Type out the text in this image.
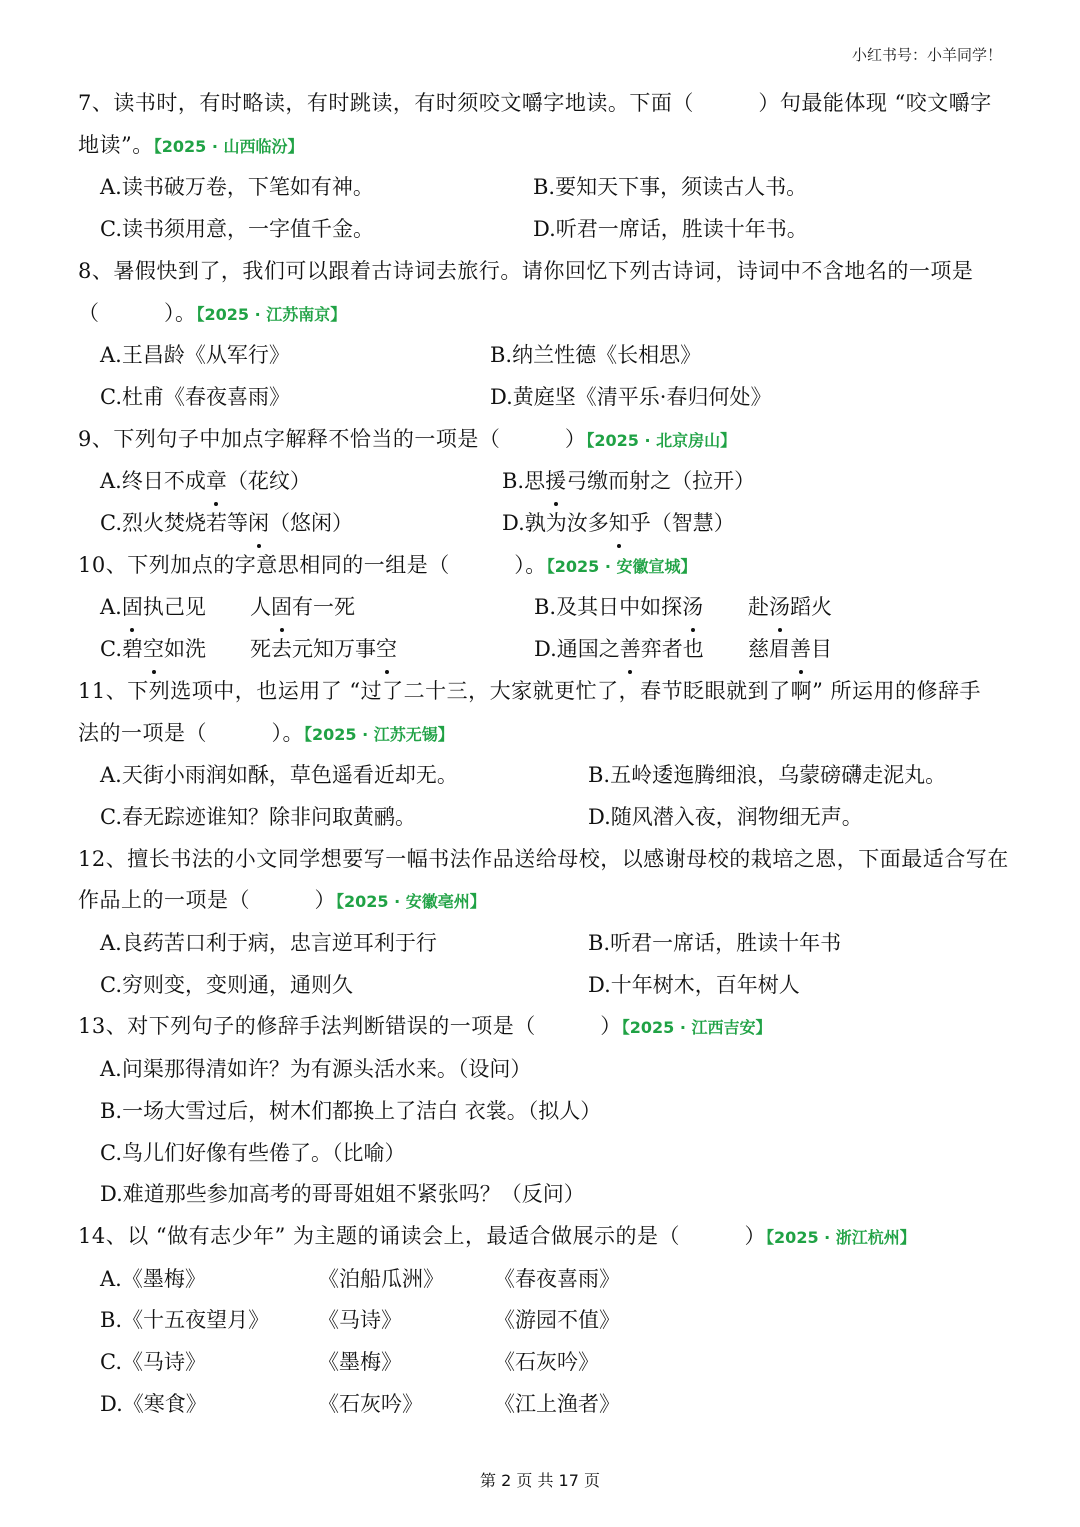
小红书号：小羊同学！
7、读书时，有时略读，有时跳读，有时须咬文嚼字地读。下面（　　　）句最能体现 “咬文嚼字
地读”。【2025 · 山西临汾】
A.读书破万卷，下笔如有神。	B.要知天下事，须读古人书。
C.读书须用意，一字值千金。	D.听君一席话，胜读十年书。
8、暑假快到了，我们可以跟着古诗词去旅行。请你回忆下列古诗词，诗词中不含地名的一项是
（　　　）。【2025 · 江苏南京】
A.王昌龄《从军行》	B.纳兰性德《长相思》
C.杜甫《春夜喜雨》	D.黄庭坚《清平乐·春归何处》
9、下列句子中加点字解释不恰当的一项是（　　　）【2025 · 北京房山】
A.终日不成章（花纹）	B.思援弓缴而射之（拉开）
C.烈火焚烧若等闲（悠闲）	D.孰为汝多知乎（智慧）
10、下列加点的字意思相同的一组是（　　　）。【2025 · 安徽宣城】
A.固执己见	人固有一死	B.及其日中如探汤	赴汤蹈火
C.碧空如洗	死去元知万事空	D.通国之善弈者也	慈眉善目
11、下列选项中，也运用了 “过了二十三，大家就更忙了，春节眨眼就到了啊” 所运用的修辞手
法的一项是（　　　）。【2025 · 江苏无锡】
A.天街小雨润如酥，草色遥看近却无。	B.五岭逶迤腾细浪，乌蒙磅礴走泥丸。
C.春无踪迹谁知？除非问取黄鹂。	D.随风潜入夜，润物细无声。
12、擅长书法的小文同学想要写一幅书法作品送给母校，以感谢母校的栽培之恩，下面最适合写在
作品上的一项是（　　　）【2025 · 安徽亳州】
A.良药苦口利于病，忠言逆耳利于行	B.听君一席话，胜读十年书
C.穷则变，变则通，通则久	D.十年树木，百年树人
13、对下列句子的修辞手法判断错误的一项是（　　　）【2025 · 江西吉安】
A.问渠那得清如许？为有源头活水来。（设问）
B.一场大雪过后，树木们都换上了洁白 衣裳。（拟人）
C.鸟儿们好像有些倦了。（比喻）
D.难道那些参加高考的哥哥姐姐不紧张吗？（反问）
14、以 “做有志少年” 为主题的诵读会上，最适合做展示的是（　　　）【2025 · 浙江杭州】
A.《墨梅》	《泊船瓜洲》	《春夜喜雨》
B.《十五夜望月》	《马诗》	《游园不值》
C.《马诗》	《墨梅》	《石灰吟》
D.《寒食》	《石灰吟》	《江上渔者》
第 2 页 共 17 页
